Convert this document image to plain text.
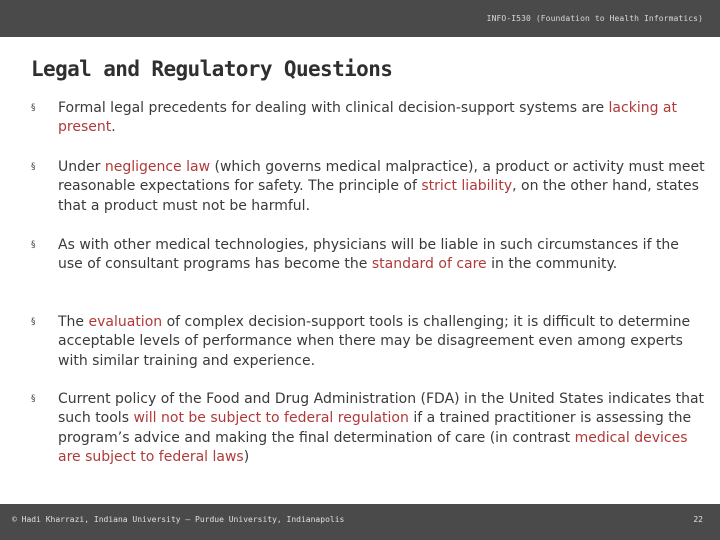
INFO-I530 (Foundation to Health Informatics)
Legal and Regulatory Questions
§ Formal legal precedents for dealing with clinical decision-support systems are lacking at present.
§ Under negligence law (which governs medical malpractice), a product or activity must meet reasonable expectations for safety. The principle of strict liability, on the other hand, states that a product must not be harmful.
§ As with other medical technologies, physicians will be liable in such circumstances if the use of consultant programs has become the standard of care in the community.
§ The evaluation of complex decision-support tools is challenging; it is difficult to determine acceptable levels of performance when there may be disagreement even among experts with similar training and experience.
§ Current policy of the Food and Drug Administration (FDA) in the United States indicates that such tools will not be subject to federal regulation if a trained practitioner is assessing the program’s advice and making the final determination of care (in contrast medical devices are subject to federal laws)
© Hadi Kharrazi, Indiana University – Purdue University, Indianapolis	22
